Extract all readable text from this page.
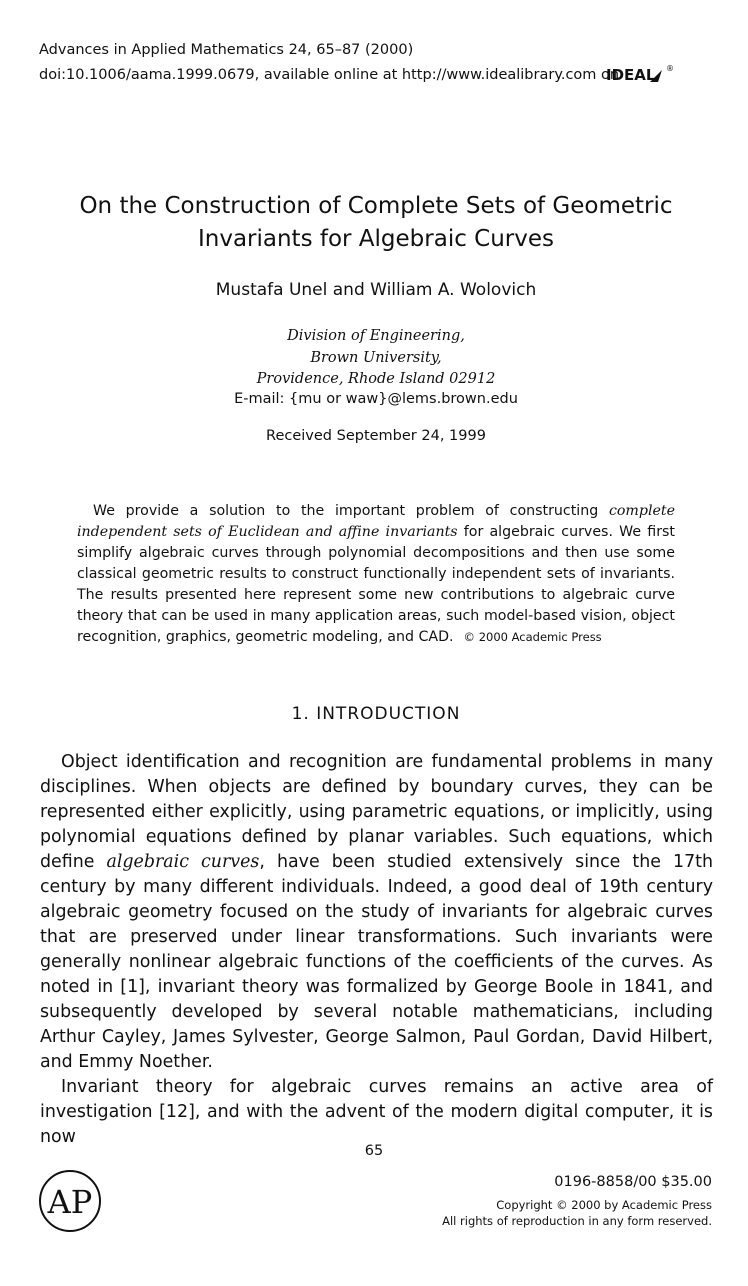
Advances in Applied Mathematics 24, 65–87 (2000)
doi:10.1006/aama.1999.0679, available online at http://www.idealibrary.com on
IDEAL ®
On the Construction of Complete Sets of Geometric
Invariants for Algebraic Curves
Mustafa Unel and William A. Wolovich
Division of Engineering,
Brown University,
Providence, Rhode Island 02912
E-mail: {mu or waw}@lems.brown.edu
Received September 24, 1999
We provide a solution to the important problem of constructing complete independent sets of Euclidean and affine invariants for algebraic curves. We first simplify algebraic curves through polynomial decompositions and then use some classical geometric results to construct functionally independent sets of invariants. The results presented here represent some new contributions to algebraic curve theory that can be used in many application areas, such model-based vision, object recognition, graphics, geometric modeling, and CAD. © 2000 Academic Press
1. INTRODUCTION

Object identification and recognition are fundamental problems in many disciplines. When objects are defined by boundary curves, they can be represented either explicitly, using parametric equations, or implicitly, using polynomial equations defined by planar variables. Such equations, which define algebraic curves, have been studied extensively since the 17th century by many different individuals. Indeed, a good deal of 19th century algebraic geometry focused on the study of invariants for algebraic curves that are preserved under linear transformations. Such invariants were generally nonlinear algebraic functions of the coefficients of the curves. As noted in [1], invariant theory was formalized by George Boole in 1841, and subsequently developed by several notable mathematicians, including Arthur Cayley, James Sylvester, George Salmon, Paul Gordan, David Hilbert, and Emmy Noether.

Invariant theory for algebraic curves remains an active area of investigation [12], and with the advent of the modern digital computer, it is now

65
AP
0196-8858/00 $35.00
Copyright © 2000 by Academic Press
All rights of reproduction in any form reserved.
